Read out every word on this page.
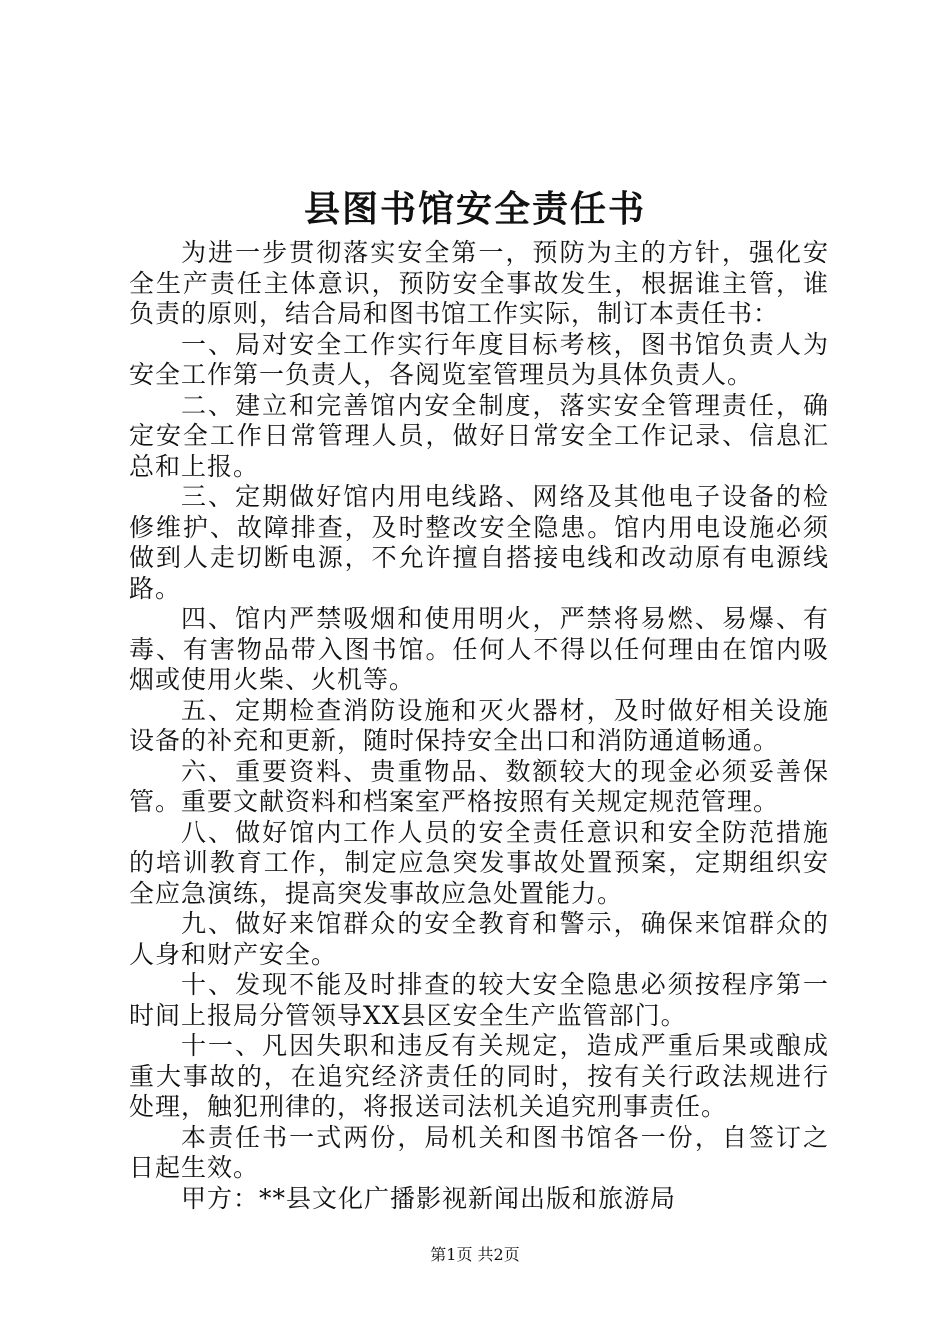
县图书馆安全责任书

为进一步贯彻落实安全第一，预防为主的方针，强化安全生产责任主体意识，预防安全事故发生，根据谁主管，谁负责的原则，结合局和图书馆工作实际，制订本责任书：

一、局对安全工作实行年度目标考核，图书馆负责人为安全工作第一负责人，各阅览室管理员为具体负责人。

二、建立和完善馆内安全制度，落实安全管理责任，确定安全工作日常管理人员，做好日常安全工作记录、信息汇总和上报。

三、定期做好馆内用电线路、网络及其他电子设备的检修维护、故障排查，及时整改安全隐患。馆内用电设施必须做到人走切断电源，不允许擅自搭接电线和改动原有电源线路。

四、馆内严禁吸烟和使用明火，严禁将易燃、易爆、有毒、有害物品带入图书馆。任何人不得以任何理由在馆内吸烟或使用火柴、火机等。

五、定期检查消防设施和灭火器材，及时做好相关设施设备的补充和更新，随时保持安全出口和消防通道畅通。

六、重要资料、贵重物品、数额较大的现金必须妥善保管。重要文献资料和档案室严格按照有关规定规范管理。

八、做好馆内工作人员的安全责任意识和安全防范措施的培训教育工作，制定应急突发事故处置预案，定期组织安全应急演练，提高突发事故应急处置能力。

九、做好来馆群众的安全教育和警示，确保来馆群众的人身和财产安全。

十、发现不能及时排查的较大安全隐患必须按程序第一时间上报局分管领导XX县区安全生产监管部门。

十一、凡因失职和违反有关规定，造成严重后果或酿成重大事故的，在追究经济责任的同时，按有关行政法规进行处理，触犯刑律的，将报送司法机关追究刑事责任。

本责任书一式两份，局机关和图书馆各一份，自签订之日起生效。

甲方：**县文化广播影视新闻出版和旅游局

第1页 共2页
